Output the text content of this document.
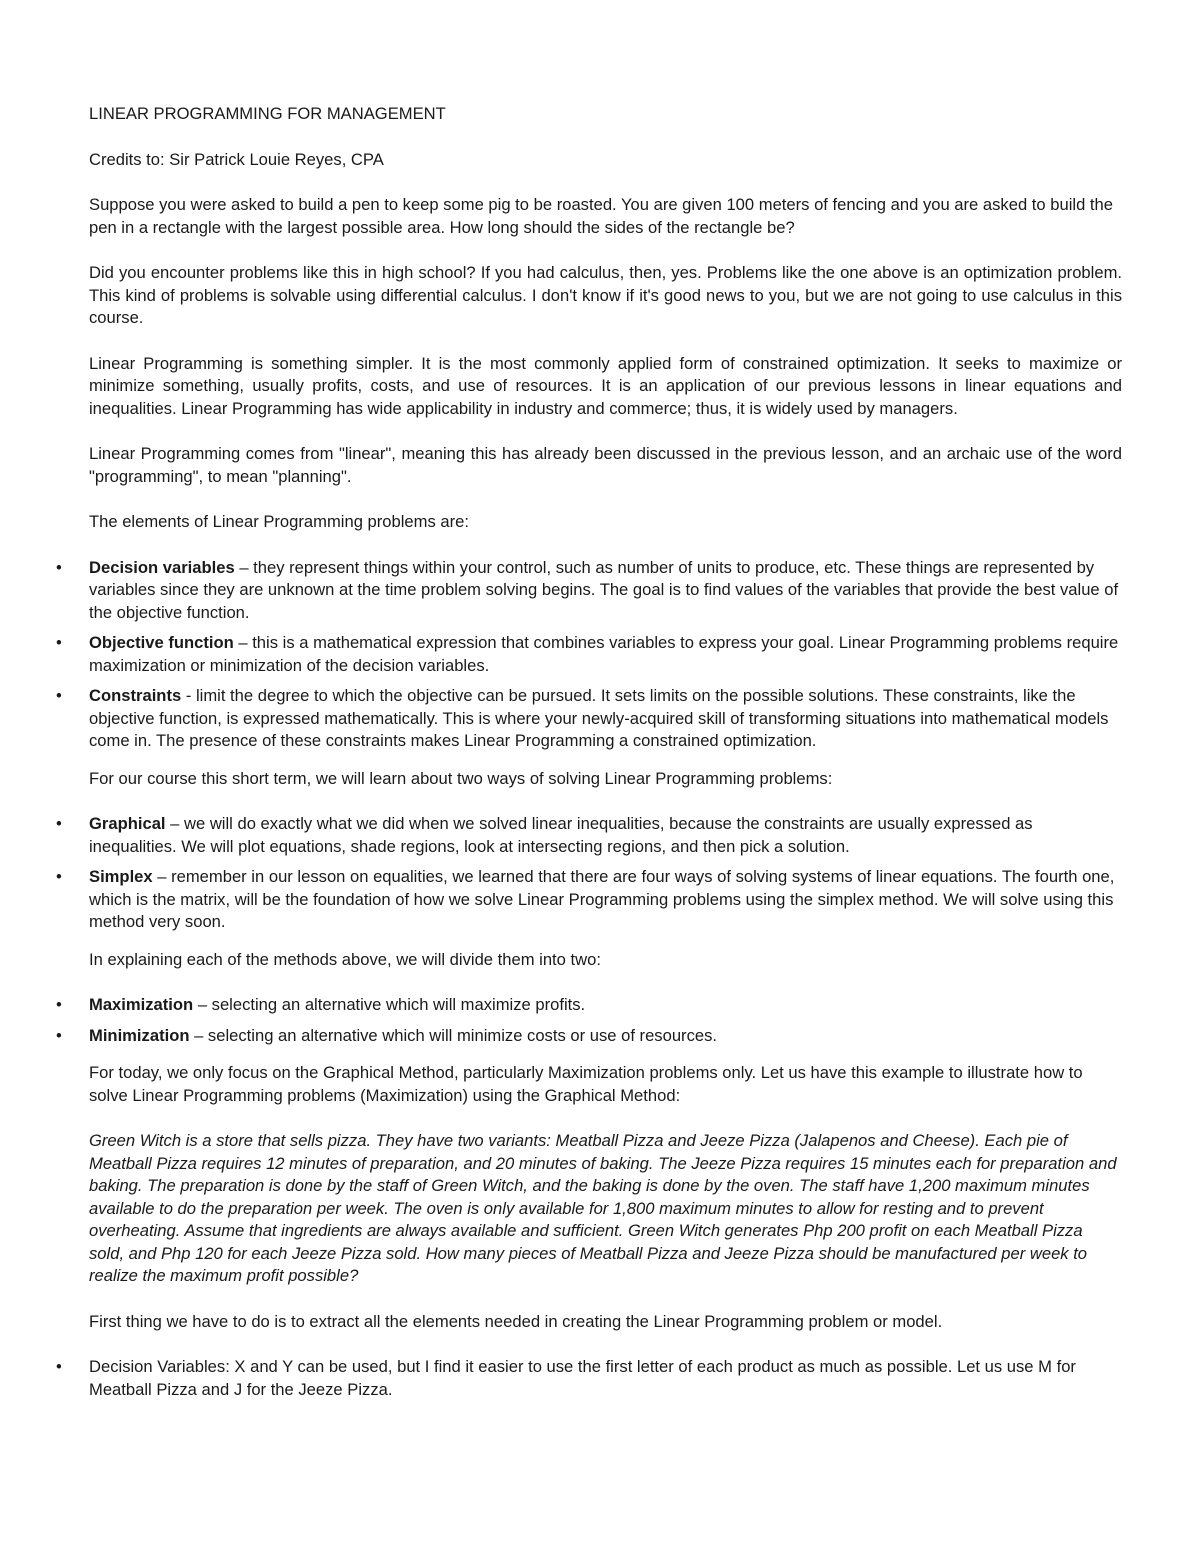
LINEAR PROGRAMMING FOR MANAGEMENT

Credits to: Sir Patrick Louie Reyes, CPA

Suppose you were asked to build a pen to keep some pig to be roasted. You are given 100 meters of fencing and you are asked to build the pen in a rectangle with the largest possible area. How long should the sides of the rectangle be?

Did you encounter problems like this in high school? If you had calculus, then, yes. Problems like the one above is an optimization problem. This kind of problems is solvable using differential calculus. I don't know if it's good news to you, but we are not going to use calculus in this course.

Linear Programming is something simpler. It is the most commonly applied form of constrained optimization. It seeks to maximize or minimize something, usually profits, costs, and use of resources. It is an application of our previous lessons in linear equations and inequalities. Linear Programming has wide applicability in industry and commerce; thus, it is widely used by managers.

Linear Programming comes from "linear", meaning this has already been discussed in the previous lesson, and an archaic use of the word "programming", to mean "planning".

The elements of Linear Programming problems are:

• Decision variables – they represent things within your control, such as number of units to produce, etc. These things are represented by variables since they are unknown at the time problem solving begins. The goal is to find values of the variables that provide the best value of the objective function.
• Objective function – this is a mathematical expression that combines variables to express your goal. Linear Programming problems require maximization or minimization of the decision variables.
• Constraints - limit the degree to which the objective can be pursued. It sets limits on the possible solutions. These constraints, like the objective function, is expressed mathematically. This is where your newly-acquired skill of transforming situations into mathematical models come in. The presence of these constraints makes Linear Programming a constrained optimization.

For our course this short term, we will learn about two ways of solving Linear Programming problems:

• Graphical – we will do exactly what we did when we solved linear inequalities, because the constraints are usually expressed as inequalities. We will plot equations, shade regions, look at intersecting regions, and then pick a solution.
• Simplex – remember in our lesson on equalities, we learned that there are four ways of solving systems of linear equations. The fourth one, which is the matrix, will be the foundation of how we solve Linear Programming problems using the simplex method. We will solve using this method very soon.

In explaining each of the methods above, we will divide them into two:

• Maximization – selecting an alternative which will maximize profits.
• Minimization – selecting an alternative which will minimize costs or use of resources.

For today, we only focus on the Graphical Method, particularly Maximization problems only. Let us have this example to illustrate how to solve Linear Programming problems (Maximization) using the Graphical Method:

Green Witch is a store that sells pizza. They have two variants: Meatball Pizza and Jeeze Pizza (Jalapenos and Cheese). Each pie of Meatball Pizza requires 12 minutes of preparation, and 20 minutes of baking. The Jeeze Pizza requires 15 minutes each for preparation and baking. The preparation is done by the staff of Green Witch, and the baking is done by the oven. The staff have 1,200 maximum minutes available to do the preparation per week. The oven is only available for 1,800 maximum minutes to allow for resting and to prevent overheating. Assume that ingredients are always available and sufficient. Green Witch generates Php 200 profit on each Meatball Pizza sold, and Php 120 for each Jeeze Pizza sold. How many pieces of Meatball Pizza and Jeeze Pizza should be manufactured per week to realize the maximum profit possible?

First thing we have to do is to extract all the elements needed in creating the Linear Programming problem or model.

• Decision Variables: X and Y can be used, but I find it easier to use the first letter of each product as much as possible. Let us use M for Meatball Pizza and J for the Jeeze Pizza.
